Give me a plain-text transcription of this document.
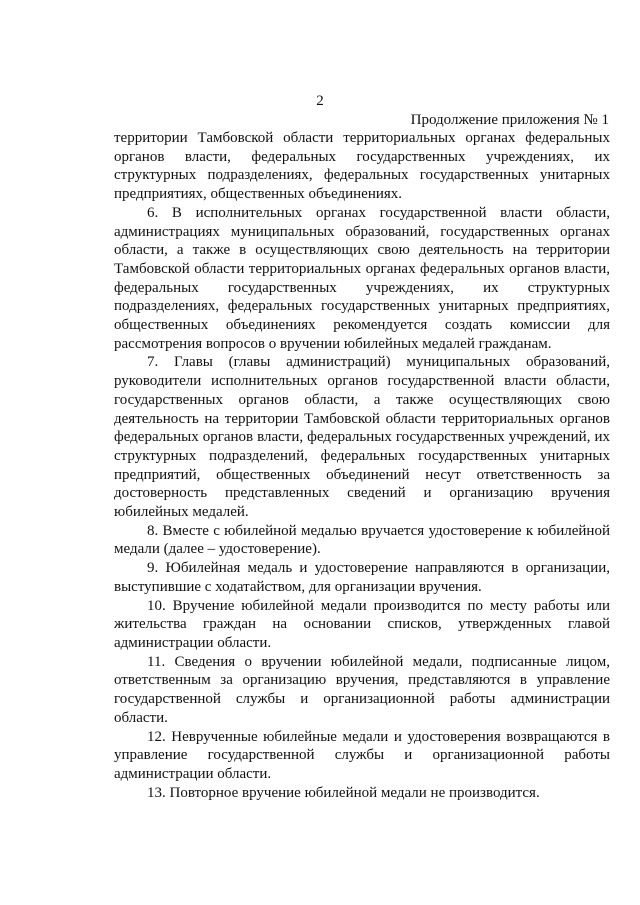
2
Продолжение приложения № 1

территории Тамбовской области территориальных органах федеральных органов власти, федеральных государственных учреждениях, их структурных подразделениях, федеральных государственных унитарных предприятиях, общественных объединениях.

6. В исполнительных органах государственной власти области, администрациях муниципальных образований, государственных органах области, а также в осуществляющих свою деятельность на территории Тамбовской области территориальных органах федеральных органов власти, федеральных государственных учреждениях, их структурных подразделениях, федеральных государственных унитарных предприятиях, общественных объединениях рекомендуется создать комиссии для рассмотрения вопросов о вручении юбилейных медалей гражданам.

7. Главы (главы администраций) муниципальных образований, руководители исполнительных органов государственной власти области, государственных органов области, а также осуществляющих свою деятельность на территории Тамбовской области территориальных органов федеральных органов власти, федеральных государственных учреждений, их структурных подразделений, федеральных государственных унитарных предприятий, общественных объединений несут ответственность за достоверность представленных сведений и организацию вручения юбилейных медалей.

8. Вместе с юбилейной медалью вручается удостоверение к юбилейной медали (далее – удостоверение).

9. Юбилейная медаль и удостоверение направляются в организации, выступившие с ходатайством, для организации вручения.

10. Вручение юбилейной медали производится по месту работы или жительства граждан на основании списков, утвержденных главой администрации области.

11. Сведения о вручении юбилейной медали, подписанные лицом, ответственным за организацию вручения, представляются в управление государственной службы и организационной работы администрации области.

12. Неврученные юбилейные медали и удостоверения возвращаются в управление государственной службы и организационной работы администрации области.

13. Повторное вручение юбилейной медали не производится.
